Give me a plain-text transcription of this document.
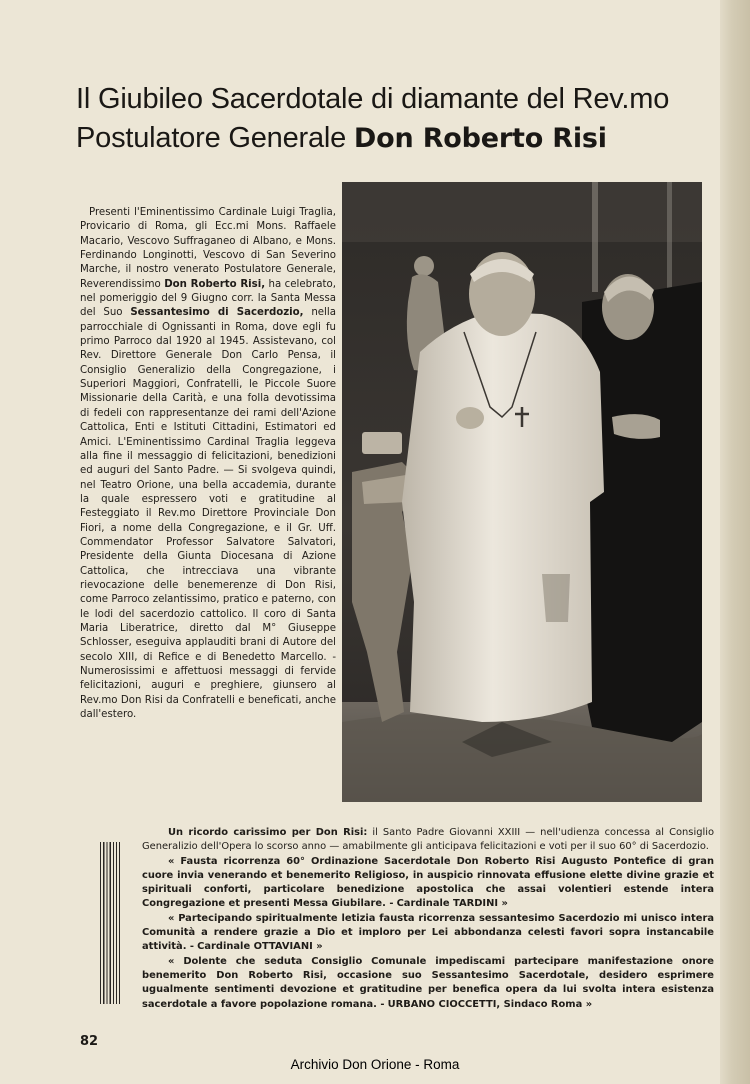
Il Giubileo Sacerdotale di diamante del Rev.mo
Postulatore Generale Don Roberto Risi
Presenti l'Eminentissimo Cardinale Luigi Traglia, Provicario di Roma, gli Ecc.mi Mons. Raffaele Macario, Vescovo Suffraganeo di Albano, e Mons. Ferdinando Longinotti, Vescovo di San Severino Marche, il nostro venerato Postulatore Generale, Reverendissimo Don Roberto Risi, ha celebrato, nel pomeriggio del 9 Giugno corr. la Santa Messa del Suo Sessantesimo di Sacerdozio, nella parrocchiale di Ognissanti in Roma, dove egli fu primo Parroco dal 1920 al 1945. Assistevano, col Rev. Direttore Generale Don Carlo Pensa, il Consiglio Generalizio della Congregazione, i Superiori Maggiori, Confratelli, le Piccole Suore Missionarie della Carità, e una folla devotissima di fedeli con rappresentanze dei rami dell'Azione Cattolica, Enti e Istituti Cittadini, Estimatori ed Amici. L'Eminentissimo Cardinal Traglia leggeva alla fine il messaggio di felicitazioni, benedizioni ed auguri del Santo Padre. — Si svolgeva quindi, nel Teatro Orione, una bella accademia, durante la quale espressero voti e gratitudine al Festeggiato il Rev.mo Direttore Provinciale Don Fiori, a nome della Congregazione, e il Gr. Uff. Commendator Professor Salvatore Salvatori, Presidente della Giunta Diocesana di Azione Cattolica, che intrecciava una vibrante rievocazione delle benemerenze di Don Risi, come Parroco zelantissimo, pratico e paterno, con le lodi del sacerdozio cattolico. Il coro di Santa Maria Liberatrice, diretto dal M° Giuseppe Schlosser, eseguiva applauditi brani di Autore del secolo XIII, di Refice e di Benedetto Marcello. - Numerosissimi e affettuosi messaggi di fervide felicitazioni, auguri e preghiere, giunsero al Rev.mo Don Risi da Confratelli e beneficati, anche dall'estero.

Un ricordo carissimo per Don Risi: il Santo Padre Giovanni XXIII — nell'udienza concessa al Consiglio Generalizio dell'Opera lo scorso anno — amabilmente gli anticipava felicitazioni e voti per il suo 60° di Sacerdozio.

« Fausta ricorrenza 60° Ordinazione Sacerdotale Don Roberto Risi Augusto Pontefice di gran cuore invia venerando et benemerito Religioso, in auspicio rinnovata effusione elette divine grazie et spirituali conforti, particolare benedizione apostolica che assai volentieri estende intera Congregazione et presenti Messa Giubilare. - Cardinale TARDINI »

« Partecipando spiritualmente letizia fausta ricorrenza sessantesimo Sacerdozio mi unisco intera Comunità a rendere grazie a Dio et imploro per Lei abbondanza celesti favori sopra instancabile attività. - Cardinale OTTAVIANI »

« Dolente che seduta Consiglio Comunale impediscami partecipare manifestazione onore benemerito Don Roberto Risi, occasione suo Sessantesimo Sacerdotale, desidero esprimere ugualmente sentimenti devozione et gratitudine per benefica opera da lui svolta intera esistenza sacerdotale a favore popolazione romana. - URBANO CIOCCETTI, Sindaco Roma »

82
Archivio Don Orione - Roma
